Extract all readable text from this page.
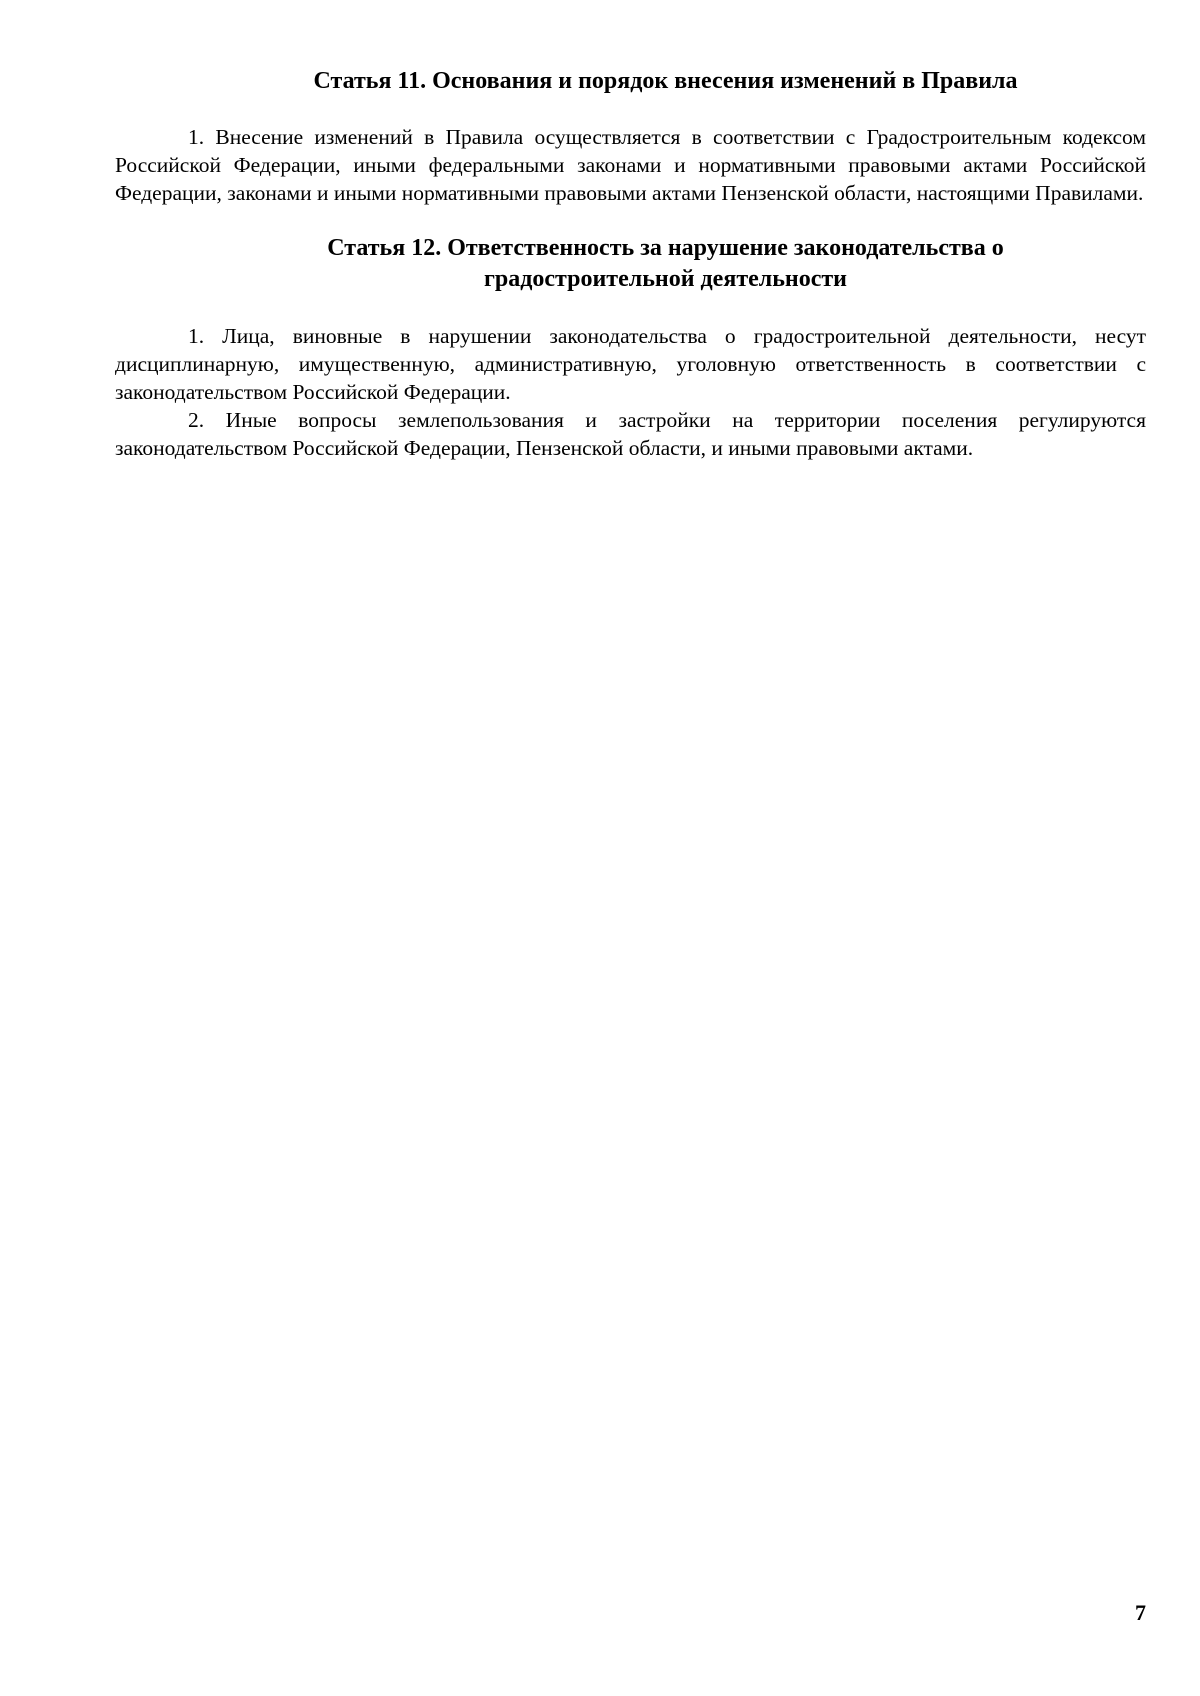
Статья 11. Основания и порядок внесения изменений в Правила

1. Внесение изменений в Правила осуществляется в соответствии с Градостроительным кодексом Российской Федерации, иными федеральными законами и нормативными правовыми актами Российской Федерации, законами и иными нормативными правовыми актами Пензенской области, настоящими Правилами.

Статья 12. Ответственность за нарушение законодательства о
градостроительной деятельности

1. Лица, виновные в нарушении законодательства о градостроительной деятельности, несут дисциплинарную, имущественную, административную, уголовную ответственность в соответствии с законодательством Российской Федерации.

2. Иные вопросы землепользования и застройки на территории поселения регулируются законодательством Российской Федерации, Пензенской области, и иными правовыми актами.

7
